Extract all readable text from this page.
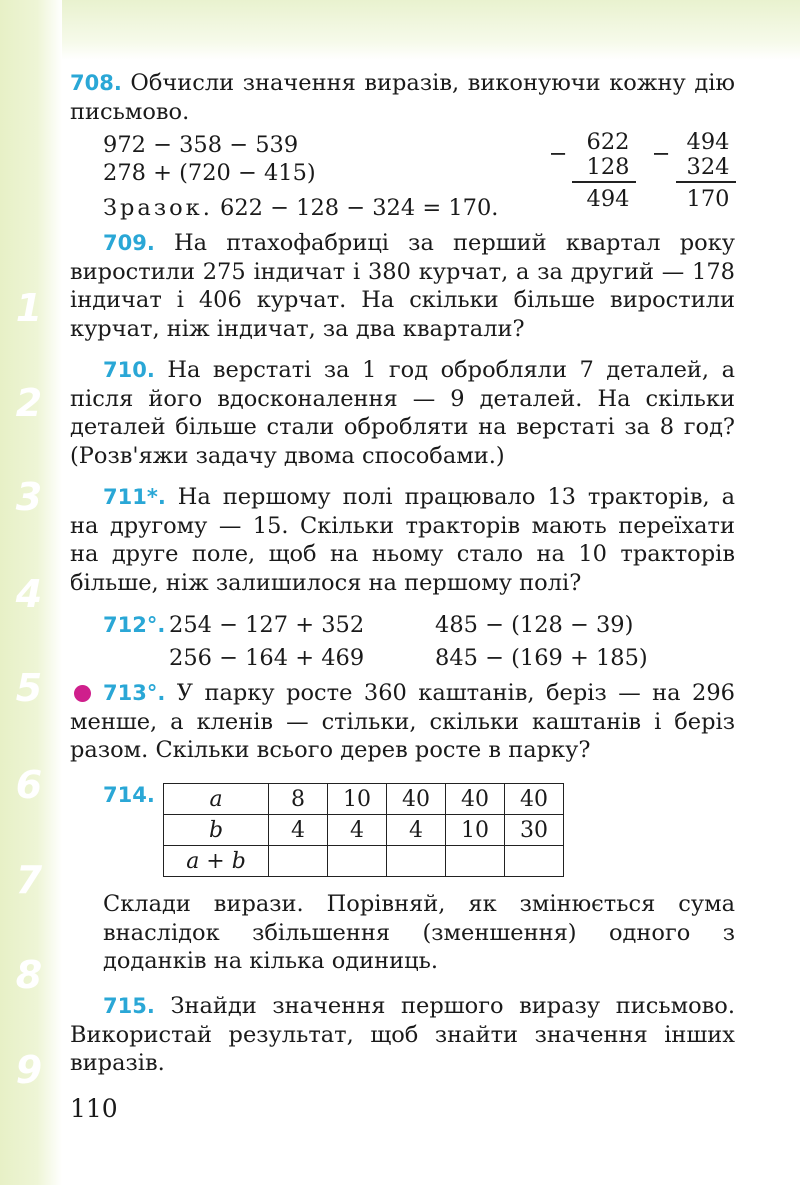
1
2
3
4
5
6
7
8
9
708. Обчисли значення виразів, виконуючи кожну дію письмово.
972 − 358 − 539
278 + (720 − 415)
Зразок. 622 − 128 − 324 = 170.
− 622
128
494
− 494
324
170
709. На птахофабриці за перший квартал року виростили 275 індичат і 380 курчат, а за другий — 178 індичат і 406 курчат. На скільки більше виростили курчат, ніж індичат, за два квартали?
710. На верстаті за 1 год обробляли 7 деталей, а після його вдосконалення — 9 деталей. На скільки деталей більше стали обробляти на верстаті за 8 год? (Розв'яжи задачу двома способами.)
711*. На першому полі працювало 13 тракторів, а на другому — 15. Скільки тракторів мають переїхати на друге поле, щоб на ньому стало на 10 тракторів більше, ніж залишилося на першому полі?
712°. 254 − 127 + 352	485 − (128 − 39)
256 − 164 + 469	845 − (169 + 185)
713°. У парку росте 360 каштанів, беріз — на 296 менше, а кленів — стільки, скільки каштанів і беріз разом. Скільки всього дерев росте в парку?
714. a	8	10	40	40	40
b	4	4	4	10	30
a + b					
Склади вирази. Порівняй, як змінюється сума внаслідок збільшення (зменшення) одного з доданків на кілька одиниць.
715. Знайди значення першого виразу письмово. Використай результат, щоб знайти значення інших виразів.
110
